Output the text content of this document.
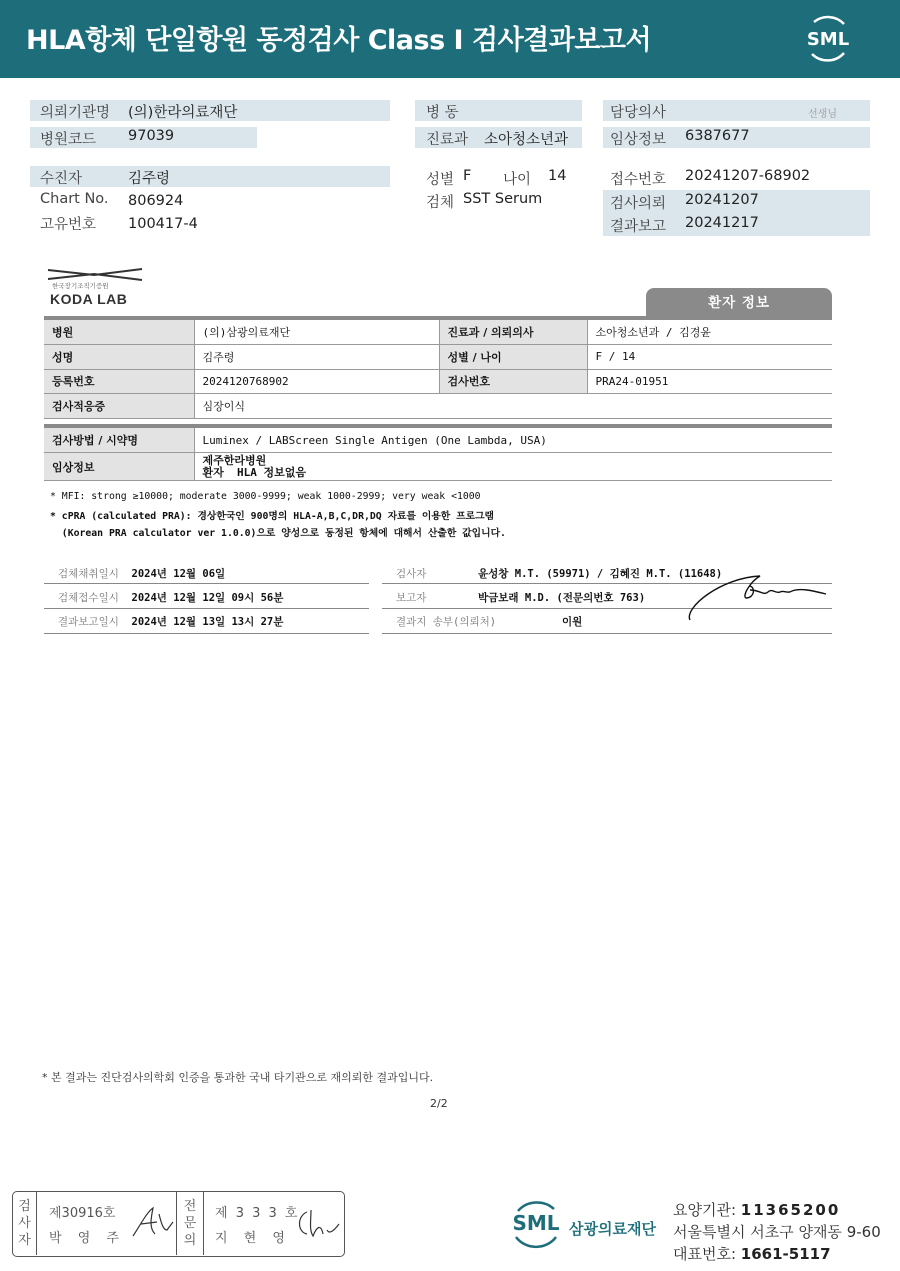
HLA항체 단일항원 동정검사 Class I 검사결과보고서	SML
의뢰기관명 (의)한라의료재단
병원코드 97039
병 동
진료과 소아청소년과
담당의사	선생님
임상정보 6387677
수진자	김주령
Chart No. 806924
고유번호 100417-4
성별 F 나이 14
검체 SST Serum
접수번호 20241207-68902
검사의뢰 20241207
결과보고 20241217
한국장기조직기증원
KODA LAB	환자 정보
병원	(의)삼광의료재단	진료과 / 의뢰의사	소아청소년과 / 김경윤
성명	김주령	성별 / 나이	F / 14
등록번호	2024120768902	검사번호	PRA24-01951
검사적응증	심장이식		
검사방법 / 시약명	Luminex / LABScreen Single Antigen (One Lambda, USA)
임상정보	제주한라병원
환자  HLA 정보없음
* MFI: strong ≥10000; moderate 3000-9999; weak 1000-2999; very weak <1000
* cPRA (calculated PRA): 경상한국인 900명의 HLA-A,B,C,DR,DQ 자료를 이용한 프로그램
(Korean PRA calculator ver 1.0.0)으로 양성으로 동정된 항체에 대해서 산출한 값입니다.
검체채취일시 2024년 12월 06일
검체접수일시 2024년 12월 12일 09시 56분
결과보고일시 2024년 12월 13일 13시 27분
검사자	윤성창 M.T. (59971) / 김혜진 M.T. (11648)
보고자	박금보래 M.D. (전문의번호 763)
결과지 송부(의뢰처)	이원
* 본 결과는 진단검사의학회 인증을 통과한 국내 타기관으로 재의뢰한 결과입니다.
2/2
검
사
자
제30916호
박 영 주
전
문
의
제 3 3 3 호
지 현 영
SML 삼광의료재단
요양기관: 11365200
서울특별시 서초구 양재동 9-60
대표번호: 1661-5117
